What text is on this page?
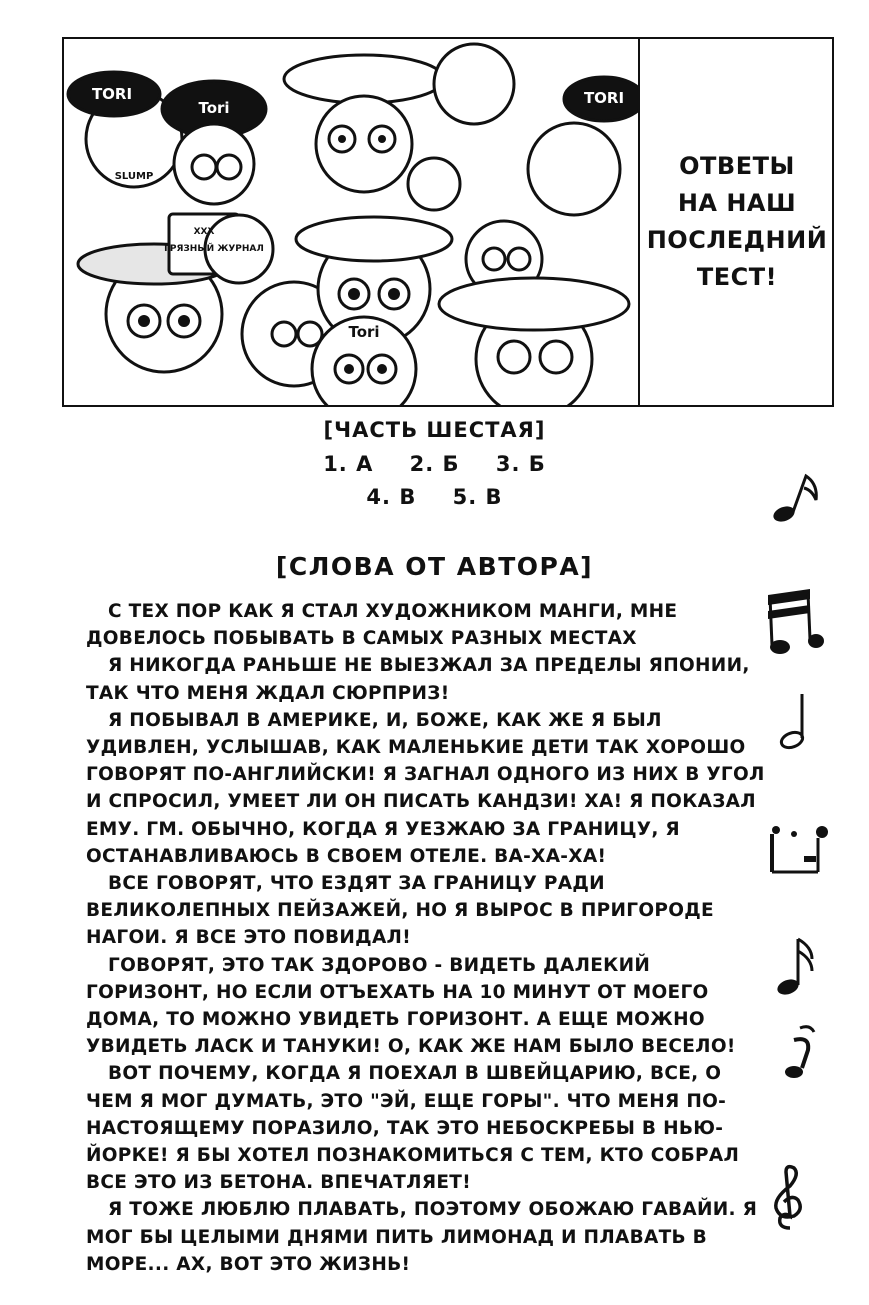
TORI
Tori
TORI
Tori
SLUMP
XXX
ГРЯЗНЫЙ ЖУРНАЛ
ОТВЕТЫ
НА НАШ
ПОСЛЕДНИЙ
ТЕСТ!
[ЧАСТЬ ШЕСТАЯ]
1. А 2. Б 3. Б
4. В 5. В
[СЛОВА ОТ АВТОРА]

С ТЕХ ПОР КАК Я СТАЛ ХУДОЖНИКОМ МАНГИ, МНЕ ДОВЕЛОСЬ ПОБЫВАТЬ В САМЫХ РАЗНЫХ МЕСТАХ

Я НИКОГДА РАНЬШЕ НЕ ВЫЕЗЖАЛ ЗА ПРЕДЕЛЫ ЯПОНИИ, ТАК ЧТО МЕНЯ ЖДАЛ СЮРПРИЗ!

Я ПОБЫВАЛ В АМЕРИКЕ, И, БОЖЕ, КАК ЖЕ Я БЫЛ УДИВЛЕН, УСЛЫШАВ, КАК МАЛЕНЬКИЕ ДЕТИ ТАК ХОРОШО ГОВОРЯТ ПО-АНГЛИЙСКИ! Я ЗАГНАЛ ОДНОГО ИЗ НИХ В УГОЛ И СПРОСИЛ, УМЕЕТ ЛИ ОН ПИСАТЬ КАНДЗИ! ХА! Я ПОКАЗАЛ ЕМУ. ГМ. ОБЫЧНО, КОГДА Я УЕЗЖАЮ ЗА ГРАНИЦУ, Я ОСТАНАВЛИВАЮСЬ В СВОЕМ ОТЕЛЕ. ВА-ХА-ХА!

ВСЕ ГОВОРЯТ, ЧТО ЕЗДЯТ ЗА ГРАНИЦУ РАДИ ВЕЛИКОЛЕПНЫХ ПЕЙЗАЖЕЙ, НО Я ВЫРОС В ПРИГОРОДЕ НАГОИ. Я ВСЕ ЭТО ПОВИДАЛ!

ГОВОРЯТ, ЭТО ТАК ЗДОРОВО - ВИДЕТЬ ДАЛЕКИЙ ГОРИЗОНТ, НО ЕСЛИ ОТЪЕХАТЬ НА 10 МИНУТ ОТ МОЕГО ДОМА, ТО МОЖНО УВИДЕТЬ ГОРИЗОНТ. А ЕЩЕ МОЖНО УВИДЕТЬ ЛАСК И ТАНУКИ! О, КАК ЖЕ НАМ БЫЛО ВЕСЕЛО!

ВОТ ПОЧЕМУ, КОГДА Я ПОЕХАЛ В ШВЕЙЦАРИЮ, ВСЕ, О ЧЕМ Я МОГ ДУМАТЬ, ЭТО "ЭЙ, ЕЩЕ ГОРЫ". ЧТО МЕНЯ ПО-НАСТОЯЩЕМУ ПОРАЗИЛО, ТАК ЭТО НЕБОСКРЕБЫ В НЬЮ-ЙОРКЕ! Я БЫ ХОТЕЛ ПОЗНАКОМИТЬСЯ С ТЕМ, КТО СОБРАЛ ВСЕ ЭТО ИЗ БЕТОНА. ВПЕЧАТЛЯЕТ!

Я ТОЖЕ ЛЮБЛЮ ПЛАВАТЬ, ПОЭТОМУ ОБОЖАЮ ГАВАЙИ. Я МОГ БЫ ЦЕЛЫМИ ДНЯМИ ПИТЬ ЛИМОНАД И ПЛАВАТЬ В МОРЕ... АХ, ВОТ ЭТО ЖИЗНЬ!
